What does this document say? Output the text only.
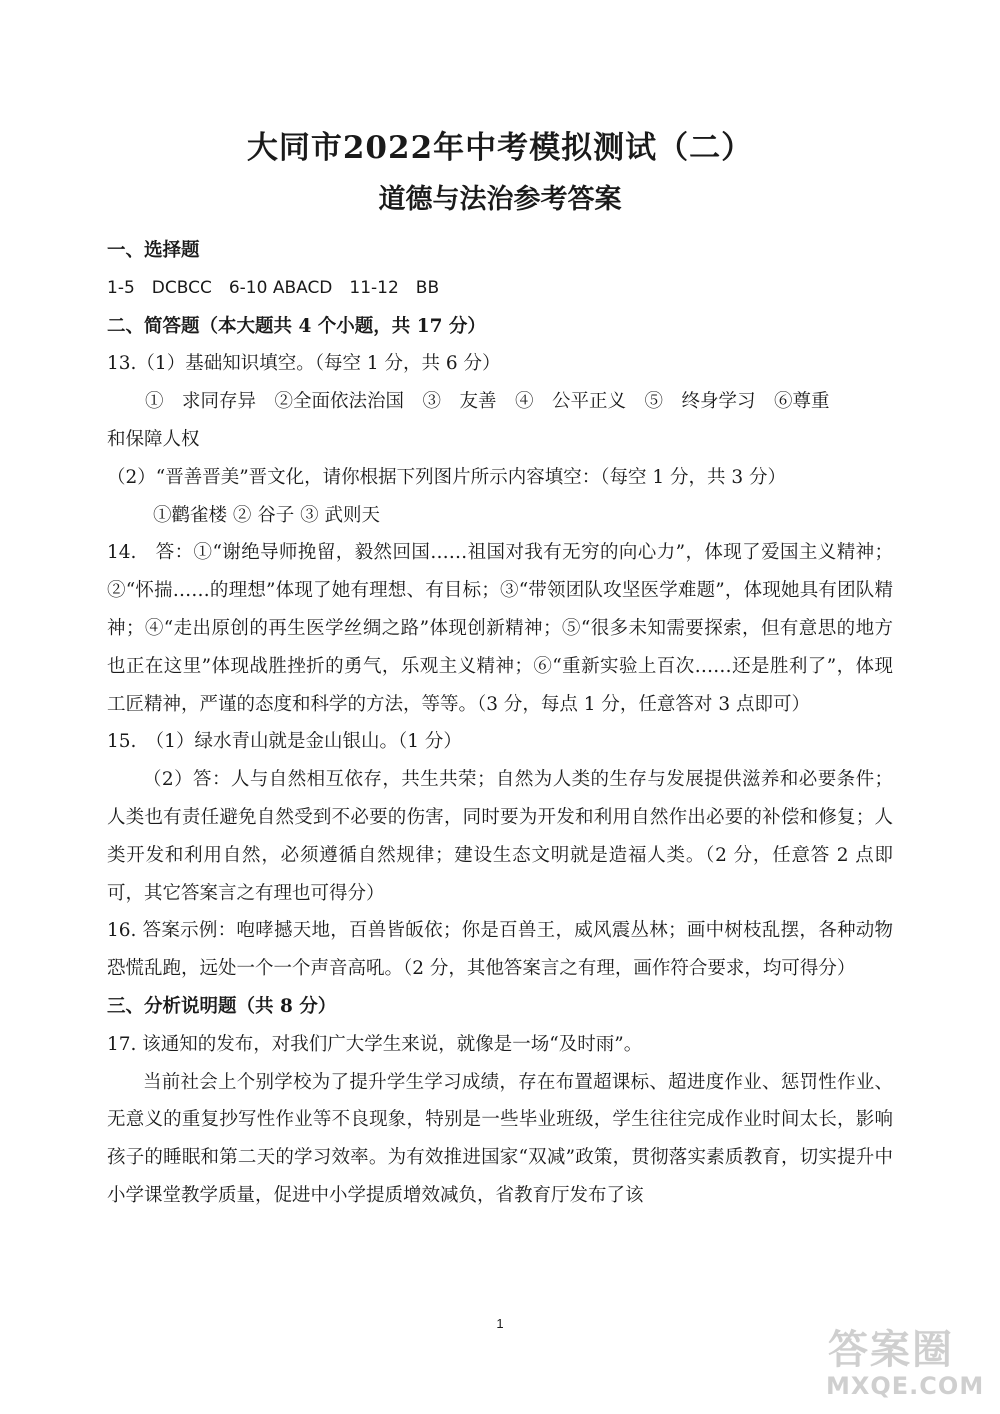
大同市2022年中考模拟测试（二）
道德与法治参考答案

一、选择题

1-5　DCBCC　6-10 ABACD　11-12　BB

二、简答题（本大题共 4 个小题，共 17 分）

13.（1）基础知识填空。（每空 1 分，共 6 分）

①　求同存异　②全面依法治国　③　友善　④　公平正义　⑤　终身学习　⑥尊重

和保障人权

（2）“晋善晋美”晋文化，请你根据下列图片所示内容填空：（每空 1 分，共 3 分）

①鹳雀楼 ② 谷子 ③ 武则天

14.　答：①“谢绝导师挽留，毅然回国……祖国对我有无穷的向心力”，体现了爱国主义精神；②“怀揣……的理想”体现了她有理想、有目标；③“带领团队攻坚医学难题”，体现她具有团队精神；④“走出原创的再生医学丝绸之路”体现创新精神；⑤“很多未知需要探索，但有意思的地方也正在这里”体现战胜挫折的勇气，乐观主义精神；⑥“重新实验上百次……还是胜利了”，体现工匠精神，严谨的态度和科学的方法，等等。（3 分，每点 1 分，任意答对 3 点即可）

15.　（1）绿水青山就是金山银山。（1 分）

（2）答：人与自然相互依存，共生共荣；自然为人类的生存与发展提供滋养和必要条件；人类也有责任避免自然受到不必要的伤害，同时要为开发和利用自然作出必要的补偿和修复；人类开发和利用自然，必须遵循自然规律；建设生态文明就是造福人类。（2 分，任意答 2 点即可，其它答案言之有理也可得分）

16. 答案示例：咆哮撼天地，百兽皆皈依；你是百兽王，威风震丛林；画中树枝乱摆，各种动物恐慌乱跑，远处一个一个声音高吼。（2 分，其他答案言之有理，画作符合要求，均可得分）

三、分析说明题（共 8 分）

17. 该通知的发布，对我们广大学生来说，就像是一场“及时雨”。

当前社会上个别学校为了提升学生学习成绩，存在布置超课标、超进度作业、惩罚性作业、无意义的重复抄写性作业等不良现象，特别是一些毕业班级，学生往往完成作业时间太长，影响孩子的睡眠和第二天的学习效率。为有效推进国家“双减”政策，贯彻落实素质教育，切实提升中小学课堂教学质量，促进中小学提质增效减负，省教育厅发布了该

1
答案圈
MXQE.COM
